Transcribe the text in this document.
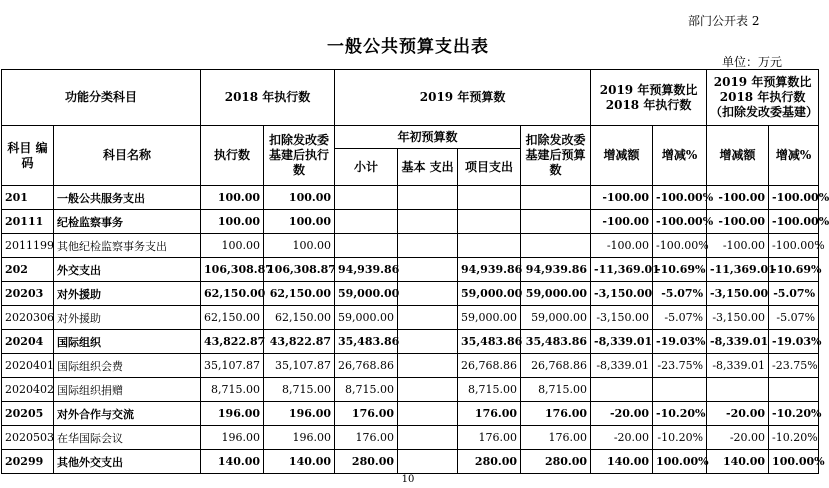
部门公开表 2
一般公共预算支出表
单位：万元
功能分类科目		2018 年执行数		2019 年预算数				2019 年预算数比 2018 年执行数		2019 年预算数比 2018 年执行数（扣除发改委基建）	
科目 编码	科目名称	执行数	扣除发改委基建后执行数	年初预算数			扣除发改委基建后预算数	增减额	增减%	增减额	增减%
				小计	基本 支出	项目支出					
201	一般公共服务支出	100.00	100.00					-100.00	-100.00%	-100.00	-100.00%
20111	纪检监察事务	100.00	100.00					-100.00	-100.00%	-100.00	-100.00%
2011199	其他纪检监察事务支出	100.00	100.00					-100.00	-100.00%	-100.00	-100.00%
202	外交支出	106,308.87	106,308.87	94,939.86		94,939.86	94,939.86	-11,369.01	-10.69%	-11,369.01	-10.69%
20203	对外援助	62,150.00	62,150.00	59,000.00		59,000.00	59,000.00	-3,150.00	-5.07%	-3,150.00	-5.07%
2020306	对外援助	62,150.00	62,150.00	59,000.00		59,000.00	59,000.00	-3,150.00	-5.07%	-3,150.00	-5.07%
20204	国际组织	43,822.87	43,822.87	35,483.86		35,483.86	35,483.86	-8,339.01	-19.03%	-8,339.01	-19.03%
2020401	国际组织会费	35,107.87	35,107.87	26,768.86		26,768.86	26,768.86	-8,339.01	-23.75%	-8,339.01	-23.75%
2020402	国际组织捐赠	8,715.00	8,715.00	8,715.00		8,715.00	8,715.00				
20205	对外合作与交流	196.00	196.00	176.00		176.00	176.00	-20.00	-10.20%	-20.00	-10.20%
2020503	在华国际会议	196.00	196.00	176.00		176.00	176.00	-20.00	-10.20%	-20.00	-10.20%
20299	其他外交支出	140.00	140.00	280.00		280.00	280.00	140.00	100.00%	140.00	100.00%
10
